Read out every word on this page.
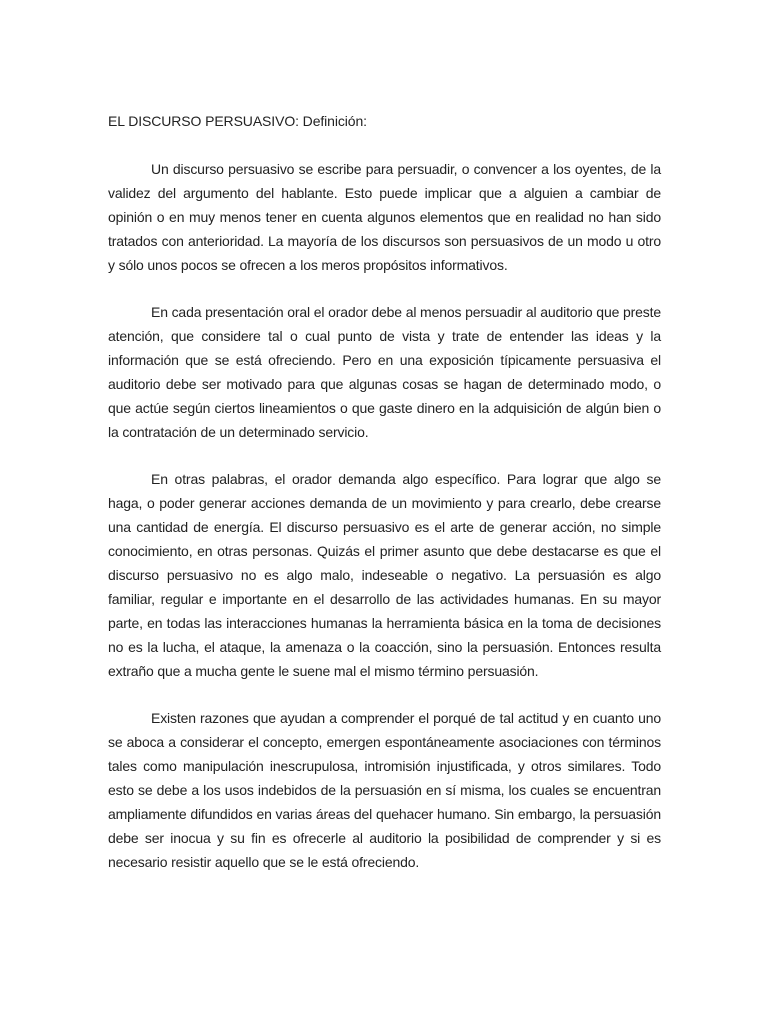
EL DISCURSO PERSUASIVO: Definición:

Un discurso persuasivo se escribe para persuadir, o convencer a los oyentes, de la validez del argumento del hablante. Esto puede implicar que a alguien a cambiar de opinión o en muy menos tener en cuenta algunos elementos que en realidad no han sido tratados con anterioridad. La mayoría de los discursos son persuasivos de un modo u otro y sólo unos pocos se ofrecen a los meros propósitos informativos.

En cada presentación oral el orador debe al menos persuadir al auditorio que preste atención, que considere tal o cual punto de vista y trate de entender las ideas y la información que se está ofreciendo. Pero en una exposición típicamente persuasiva el auditorio debe ser motivado para que algunas cosas se hagan de determinado modo, o que actúe según ciertos lineamientos o que gaste dinero en la adquisición de algún bien o la contratación de un determinado servicio.

En otras palabras, el orador demanda algo específico. Para lograr que algo se haga, o poder generar acciones demanda de un movimiento y para crearlo, debe crearse una cantidad de energía. El discurso persuasivo es el arte de generar acción, no simple conocimiento, en otras personas. Quizás el primer asunto que debe destacarse es que el discurso persuasivo no es algo malo, indeseable o negativo. La persuasión es algo familiar, regular e importante en el desarrollo de las actividades humanas. En su mayor parte, en todas las interacciones humanas la herramienta básica en la toma de decisiones no es la lucha, el ataque, la amenaza o la coacción, sino la persuasión. Entonces resulta extraño que a mucha gente le suene mal el mismo término persuasión.

Existen razones que ayudan a comprender el porqué de tal actitud y en cuanto uno se aboca a considerar el concepto, emergen espontáneamente asociaciones con términos tales como manipulación inescrupulosa, intromisión injustificada, y otros similares. Todo esto se debe a los usos indebidos de la persuasión en sí misma, los cuales se encuentran ampliamente difundidos en varias áreas del quehacer humano. Sin embargo, la persuasión debe ser inocua y su fin es ofrecerle al auditorio la posibilidad de comprender y si es necesario resistir aquello que se le está ofreciendo.
